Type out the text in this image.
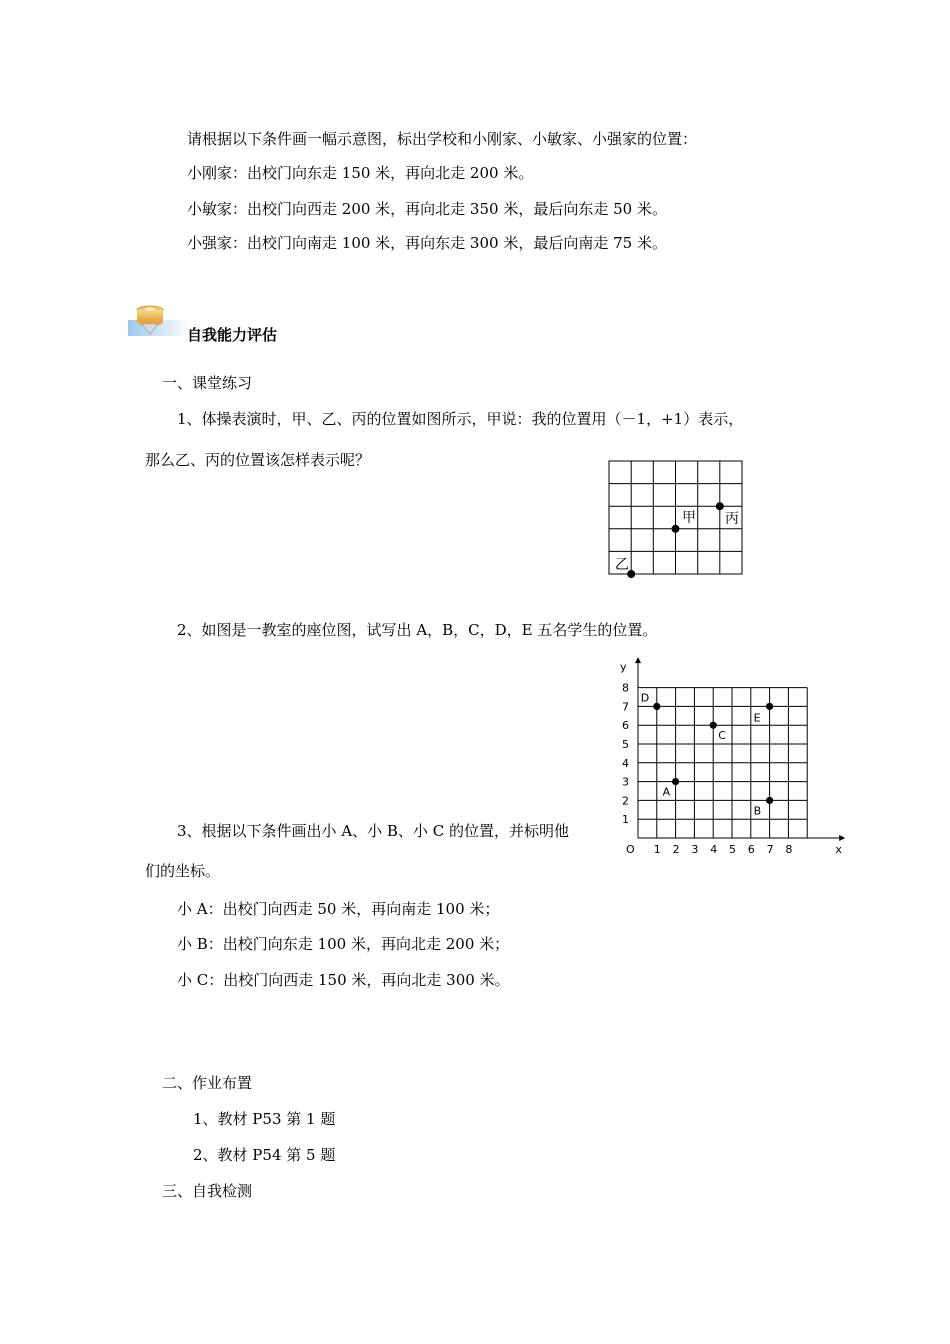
请根据以下条件画一幅示意图，标出学校和小刚家、小敏家、小强家的位置：
小刚家：出校门向东走 150 米，再向北走 200 米。
小敏家：出校门向西走 200 米，再向北走 350 米，最后向东走 50 米。
小强家：出校门向南走 100 米，再向东走 300 米，最后向南走 75 米。
自我能力评估
一、课堂练习
1、体操表演时，甲、乙、丙的位置如图所示，甲说：我的位置用（－1，+1）表示，
那么乙、丙的位置该怎样表示呢？
甲 丙
乙
2、如图是一教室的座位图，试写出 A，B，C，D，E 五名学生的位置。
x
y
O 1 2 3 4 5 6 7 8
1
2
3
4
5
6
7
8
A
B
C
D
E
3、根据以下条件画出小 A、小 B、小 C 的位置，并标明他
们的坐标。
小 A：出校门向西走 50 米，再向南走 100 米；
小 B：出校门向东走 100 米，再向北走 200 米；
小 C：出校门向西走 150 米，再向北走 300 米。
二、作业布置
1、教材 P53 第 1 题
2、教材 P54 第 5 题
三、自我检测
